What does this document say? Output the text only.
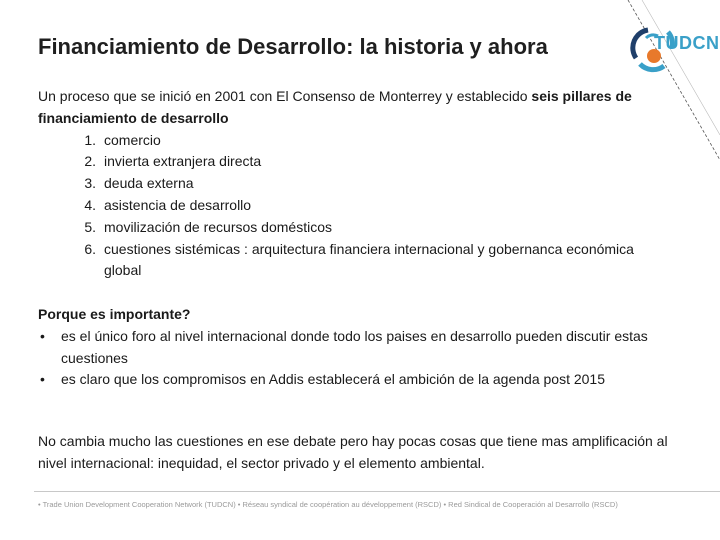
Financiamiento de Desarrollo: la historia y ahora	TUDCN

Un proceso que se inició en 2001 con El Consenso de Monterrey y establecido seis pillares de financiamiento de desarrollo

1. comercio
2. invierta extranjera directa
3. deuda externa
4. asistencia de desarrollo
5. movilización de recursos domésticos
6. cuestiones sistémicas : arquitectura financiera internacional y gobernanca económica global
Porque es importante?
•	es el único foro al nivel internacional donde todo los paises en desarrollo pueden discutir estas cuestiones
•	es claro que los compromisos en Addis establecerá el ambición de la agenda post 2015
No cambia mucho las cuestiones en ese debate pero hay pocas cosas que tiene mas amplificación al nivel internacional: inequidad, el sector privado y el elemento ambiental.
• Trade Union Development Cooperation Network (TUDCN) • Réseau syndical de coopération au développement (RSCD) • Red Sindical de Cooperación al Desarrollo (RSCD)
